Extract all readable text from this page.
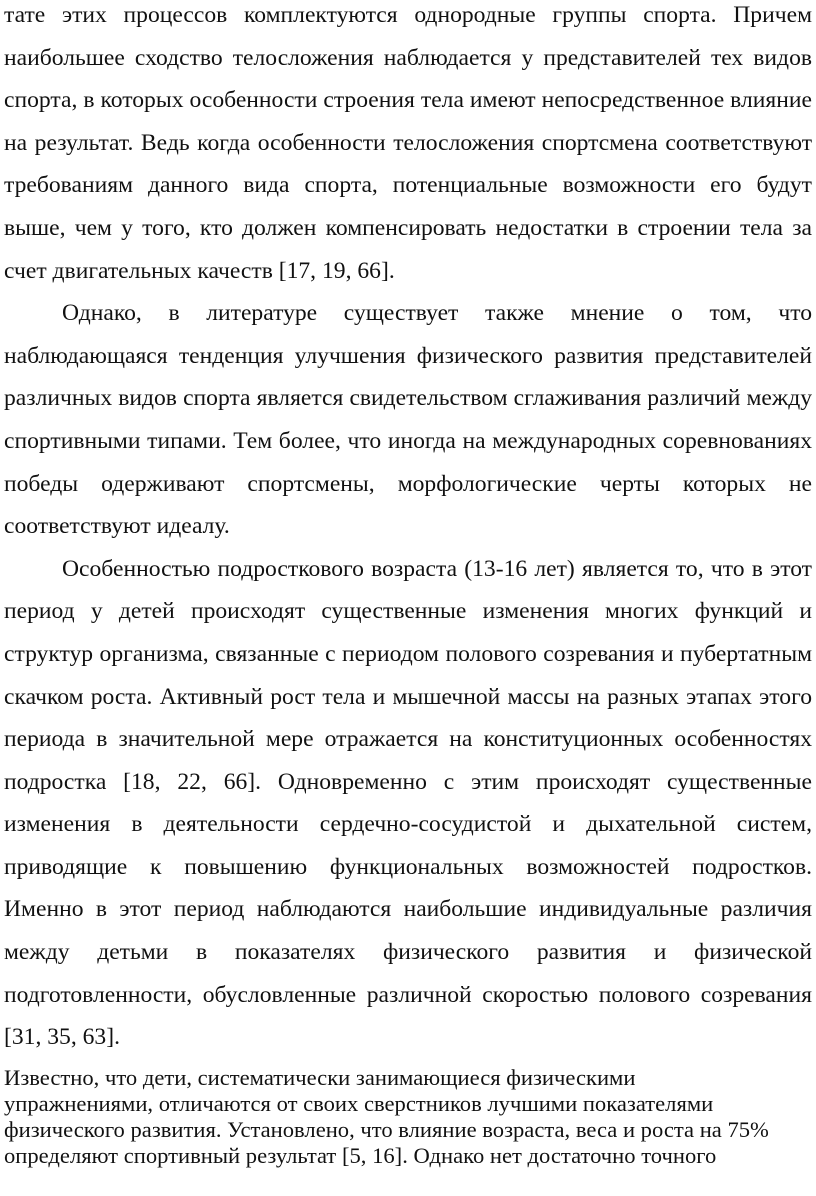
тате этих процессов комплектуются однородные группы спорта. Причем наибольшее сходство телосложения наблюдается у представителей тех видов спорта, в которых особенности строения тела имеют непосредственное влияние на результат. Ведь когда особенности телосложения спортсмена соответствуют требованиям данного вида спорта, потенциальные возможности его будут выше, чем у того, кто должен компенсировать недостатки в строении тела за счет двигательных качеств [17, 19, 66].

Однако, в литературе существует также мнение о том, что наблюдающаяся тенденция улучшения физического развития представителей различных видов спорта является свидетельством сглаживания различий между спортивными типами. Тем более, что иногда на международных соревнованиях победы одерживают спортсмены, морфологические черты которых не соответствуют идеалу.

Особенностью подросткового возраста (13-16 лет) является то, что в этот период у детей происходят существенные изменения многих функций и структур организма, связанные с периодом полового созревания и пубертатным скачком роста. Активный рост тела и мышечной массы на разных этапах этого периода в значительной мере отражается на конституционных особенностях подростка [18, 22, 66]. Одновременно с этим происходят существенные изменения в деятельности сердечно-сосудистой и дыхательной систем, приводящие к повышению функциональных возможностей подростков. Именно в этот период наблюдаются наибольшие индивидуальные различия между детьми в показателях физического развития и физической подготовленности, обусловленные различной скоростью полового созревания [31, 35, 63].

Известно, что дети, систематически занимающиеся физическими упражнениями, отличаются от своих сверстников лучшими показателями физического развития. Установлено, что влияние возраста, веса и роста на 75% определяют спортивный результат [5, 16]. Однако нет достаточно точного
